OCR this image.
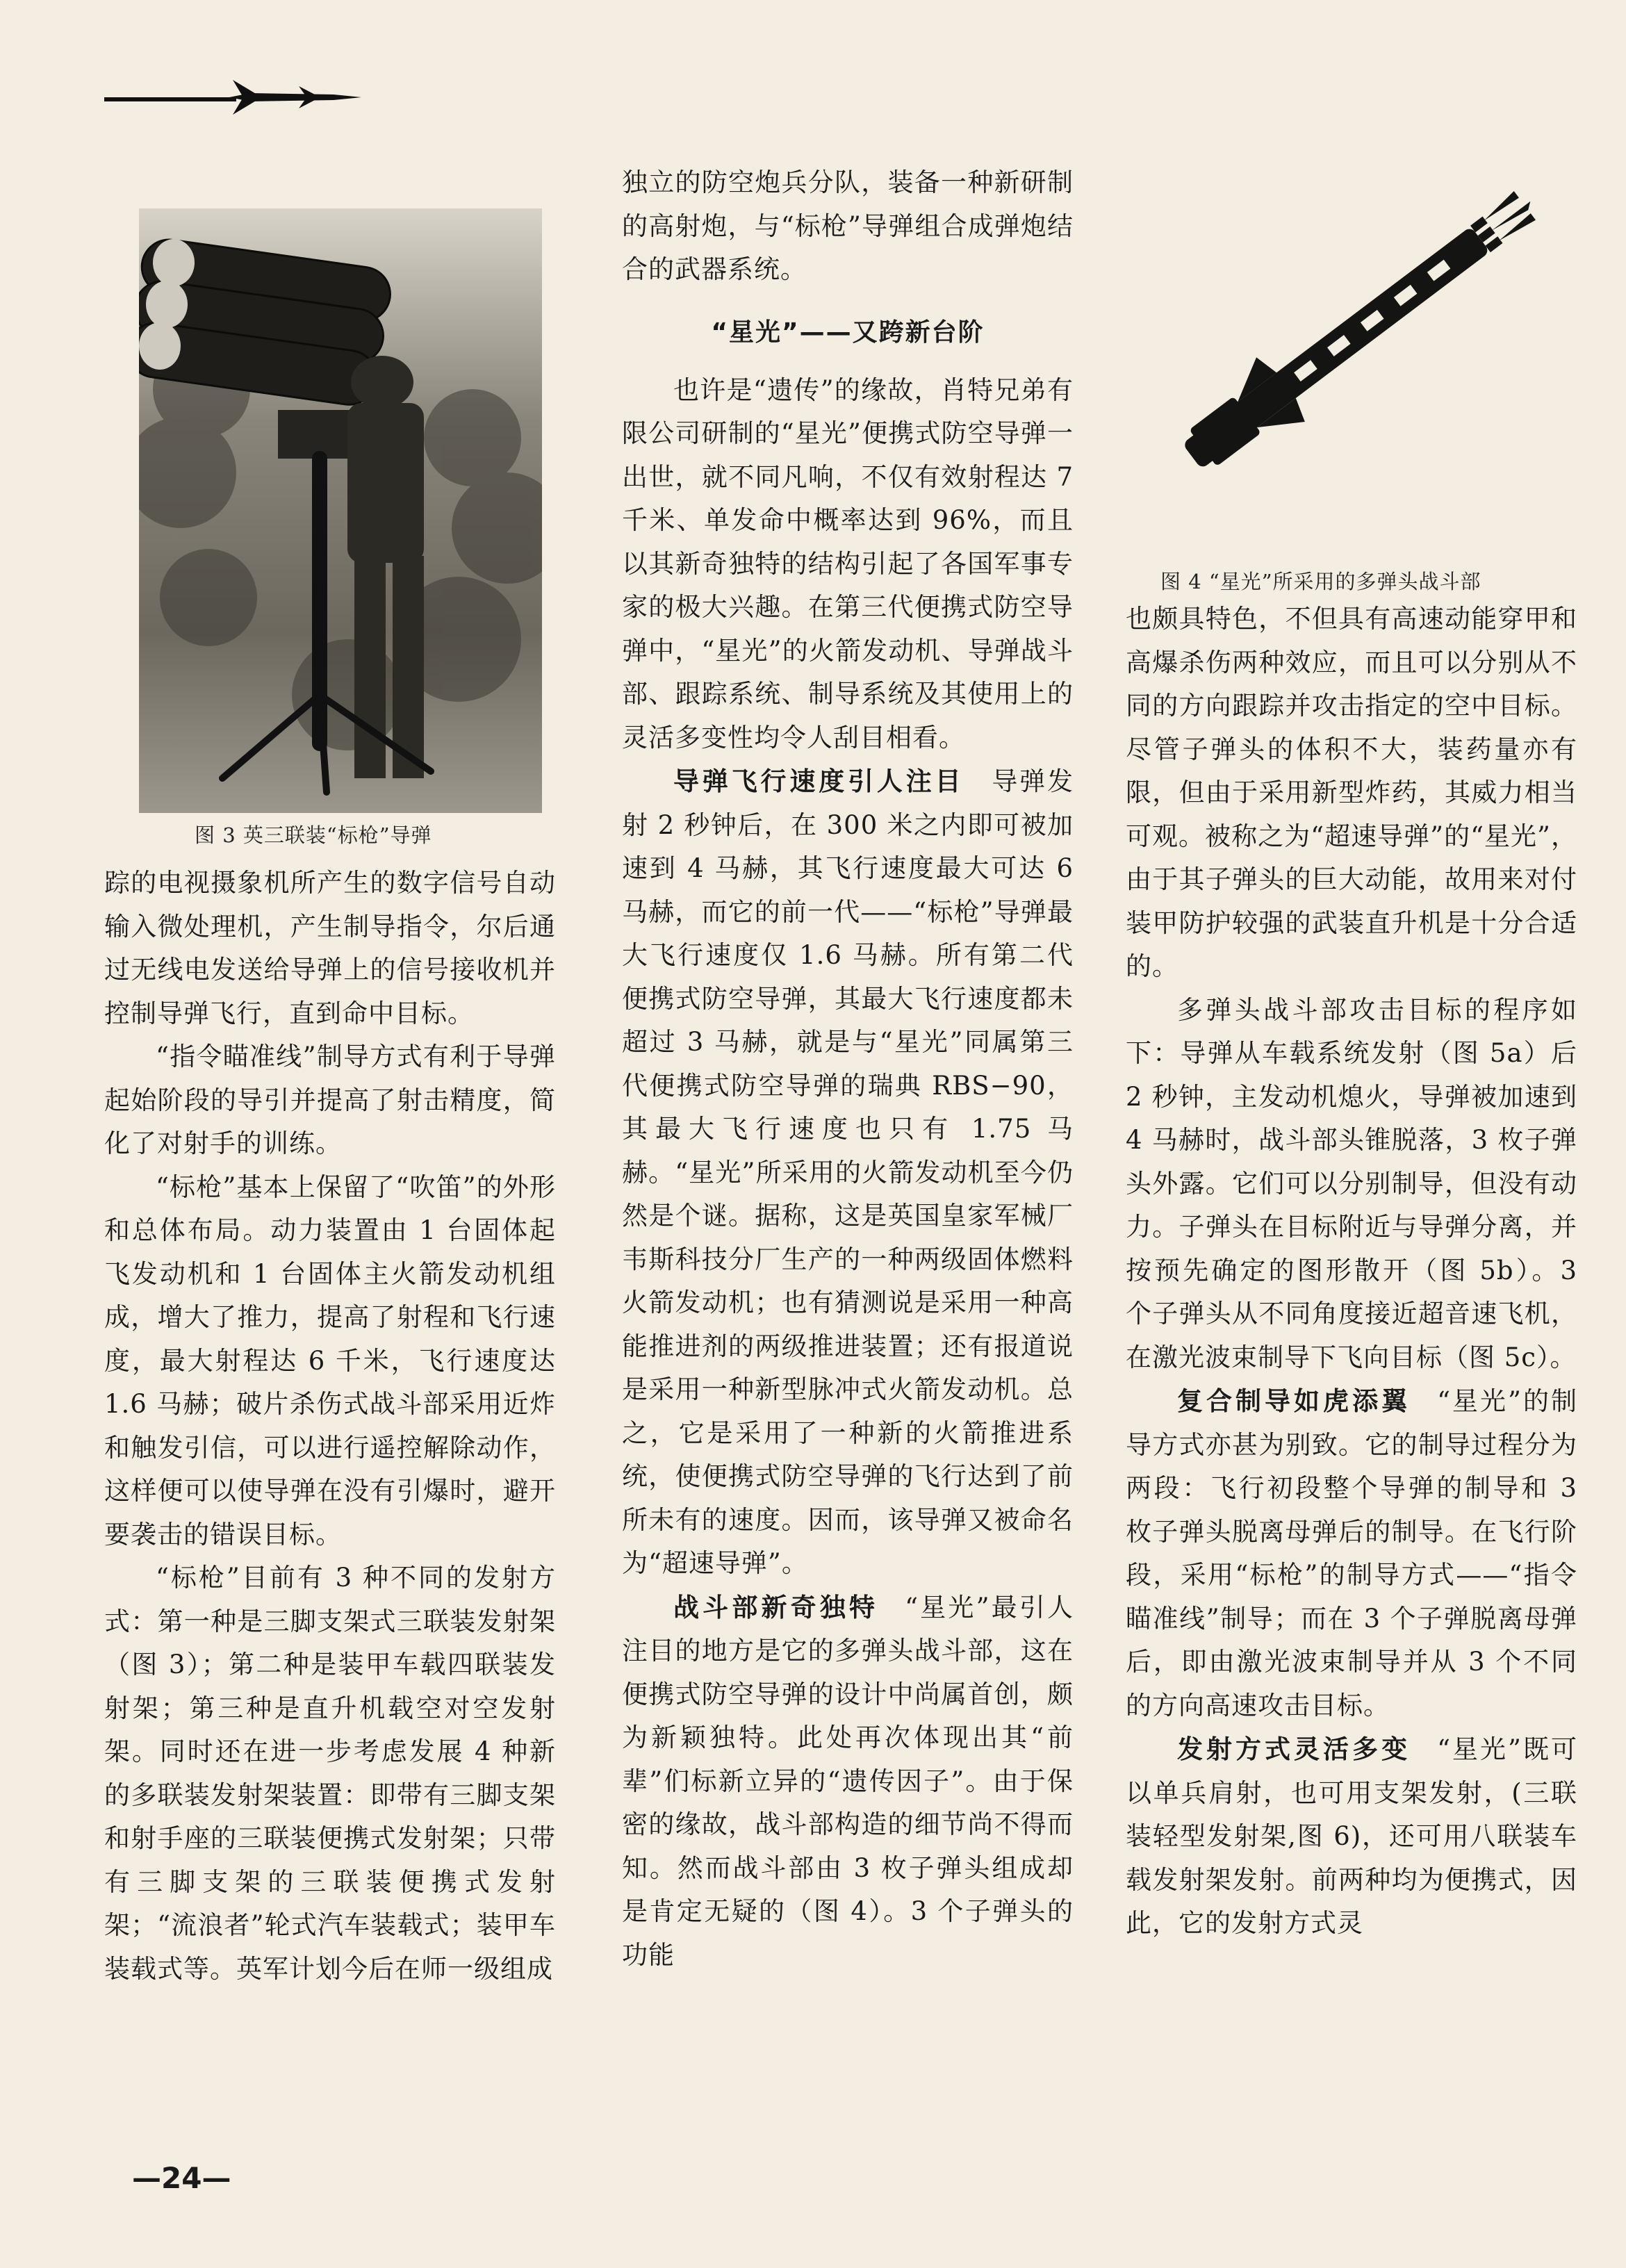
图 3 英三联装“标枪”导弹
图 4 “星光”所采用的多弹头战斗部

踪的电视摄象机所产生的数字信号自动输入微处理机，产生制导指令，尔后通过无线电发送给导弹上的信号接收机并控制导弹飞行，直到命中目标。

“指令瞄准线”制导方式有利于导弹起始阶段的导引并提高了射击精度，简化了对射手的训练。

“标枪”基本上保留了“吹笛”的外形和总体布局。动力装置由 1 台固体起飞发动机和 1 台固体主火箭发动机组成，增大了推力，提高了射程和飞行速度，最大射程达 6 千米，飞行速度达 1.6 马赫；破片杀伤式战斗部采用近炸和触发引信，可以进行遥控解除动作，这样便可以使导弹在没有引爆时，避开要袭击的错误目标。

“标枪”目前有 3 种不同的发射方式：第一种是三脚支架式三联装发射架（图 3）；第二种是装甲车载四联装发射架；第三种是直升机载空对空发射架。同时还在进一步考虑发展 4 种新的多联装发射架装置：即带有三脚支架和射手座的三联装便携式发射架；只带有三脚支架的三联装便携式发射架；“流浪者”轮式汽车装载式；装甲车装载式等。英军计划今后在师一级组成

独立的防空炮兵分队，装备一种新研制的高射炮，与“标枪”导弹组合成弹炮结合的武器系统。

“星光”——又跨新台阶

也许是“遗传”的缘故，肖特兄弟有限公司研制的“星光”便携式防空导弹一出世，就不同凡响，不仅有效射程达 7 千米、单发命中概率达到 96%，而且以其新奇独特的结构引起了各国军事专家的极大兴趣。在第三代便携式防空导弹中，“星光”的火箭发动机、导弹战斗部、跟踪系统、制导系统及其使用上的灵活多变性均令人刮目相看。

导弹飞行速度引人注目  导弹发射 2 秒钟后，在 300 米之内即可被加速到 4 马赫，其飞行速度最大可达 6 马赫，而它的前一代——“标枪”导弹最大飞行速度仅 1.6 马赫。所有第二代便携式防空导弹，其最大飞行速度都未超过 3 马赫，就是与“星光”同属第三代便携式防空导弹的瑞典 RBS−90，其最大飞行速度也只有 1.75 马赫。“星光”所采用的火箭发动机至今仍然是个谜。据称，这是英国皇家军械厂韦斯科技分厂生产的一种两级固体燃料火箭发动机；也有猜测说是采用一种高能推进剂的两级推进装置；还有报道说是采用一种新型脉冲式火箭发动机。总之，它是采用了一种新的火箭推进系统，使便携式防空导弹的飞行达到了前所未有的速度。因而，该导弹又被命名为“超速导弹”。

战斗部新奇独特  “星光”最引人注目的地方是它的多弹头战斗部，这在便携式防空导弹的设计中尚属首创，颇为新颖独特。此处再次体现出其“前辈”们标新立异的“遗传因子”。由于保密的缘故，战斗部构造的细节尚不得而知。然而战斗部由 3 枚子弹头组成却是肯定无疑的（图 4）。3 个子弹头的功能

也颇具特色，不但具有高速动能穿甲和高爆杀伤两种效应，而且可以分别从不同的方向跟踪并攻击指定的空中目标。尽管子弹头的体积不大，装药量亦有限，但由于采用新型炸药，其威力相当可观。被称之为“超速导弹”的“星光”，由于其子弹头的巨大动能，故用来对付装甲防护较强的武装直升机是十分合适的。

多弹头战斗部攻击目标的程序如下：导弹从车载系统发射（图 5a）后 2 秒钟，主发动机熄火，导弹被加速到 4 马赫时，战斗部头锥脱落，3 枚子弹头外露。它们可以分别制导，但没有动力。子弹头在目标附近与导弹分离，并按预先确定的图形散开（图 5b）。3 个子弹头从不同角度接近超音速飞机，在激光波束制导下飞向目标（图 5c）。

复合制导如虎添翼  “星光”的制导方式亦甚为别致。它的制导过程分为两段：飞行初段整个导弹的制导和 3 枚子弹头脱离母弹后的制导。在飞行阶段，采用“标枪”的制导方式——“指令瞄准线”制导；而在 3 个子弹脱离母弹后，即由激光波束制导并从 3 个不同的方向高速攻击目标。

发射方式灵活多变  “星光”既可以单兵肩射，也可用支架发射，(三联装轻型发射架,图 6)，还可用八联装车载发射架发射。前两种均为便携式，因此，它的发射方式灵

—24—
